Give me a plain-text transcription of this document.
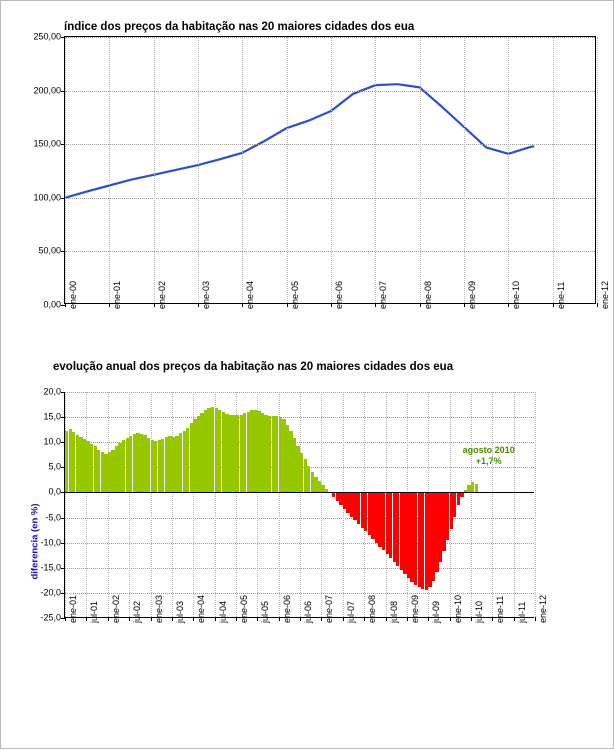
índice dos preços da habitação nas 20 maiores cidades dos eua
0,00
50,00
100,00
150,00
200,00
250,00
ene-00	ene-01	ene-02	ene-03	ene-04	ene-05	ene-06	ene-07	ene-08	ene-09	ene-10	ene-11	ene-12
evolução anual dos preços da habitação nas 20 maiores cidades dos eua
diferencia (en %)
-25,0
-20,0
-15,0
-10,0
-5,0
0,0
5,0
10,0
15,0
20,0
ene-01 jul-01 ene-02 jul-02 ene-03 jul-03 ene-04 jul-04 ene-05 jul-05 ene-06 jul-06 ene-07 jul-07 ene-08 jul-08 ene-09 jul-09 ene-10 jul-10 ene-11 jul-11 ene-12
agosto 2010
+1,7%
